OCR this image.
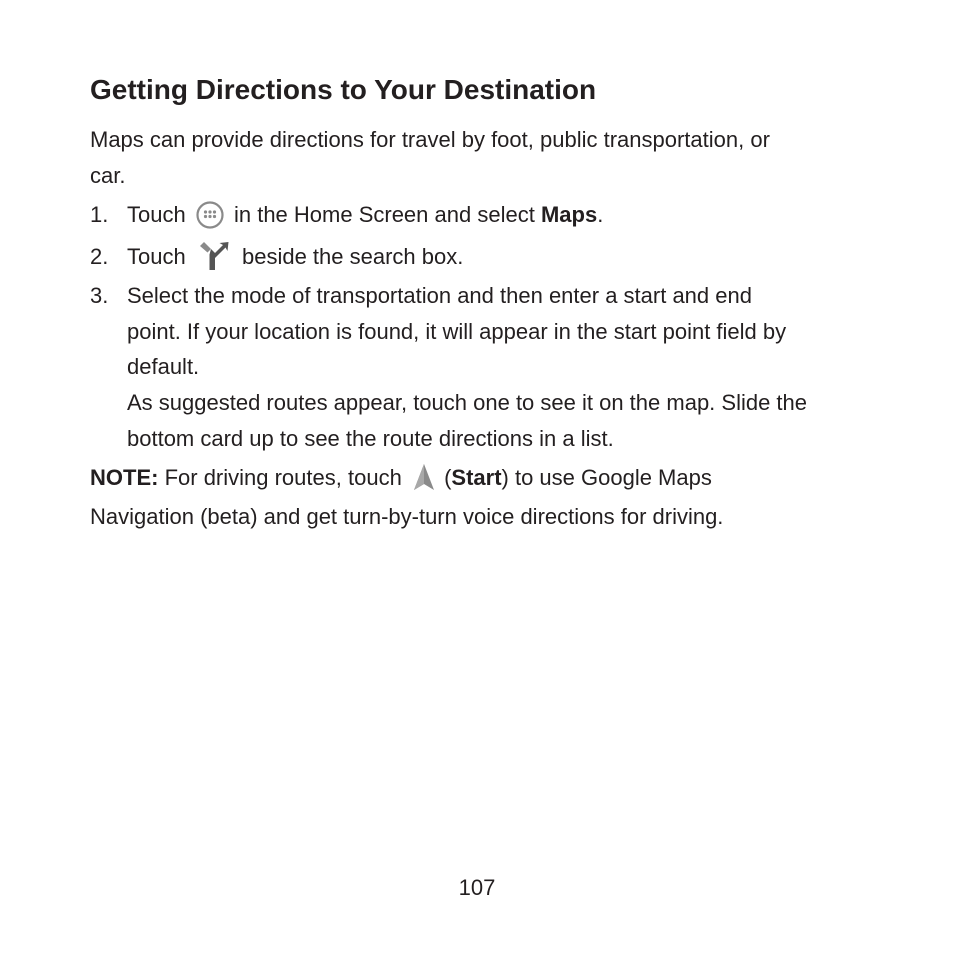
Getting Directions to Your Destination

Maps can provide directions for travel by foot, public transportation, or

car.

1. Touch in the Home Screen and select Maps.
2. Touch	beside the search box.
3. Select the mode of transportation and then enter a start and end

point. If your location is found, it will appear in the start point field by

default.

As suggested routes appear, touch one to see it on the map. Slide the

bottom card up to see the route directions in a list.

NOTE: For driving routes, touch (Start) to use Google Maps

Navigation (beta) and get turn-by-turn voice directions for driving.

107
